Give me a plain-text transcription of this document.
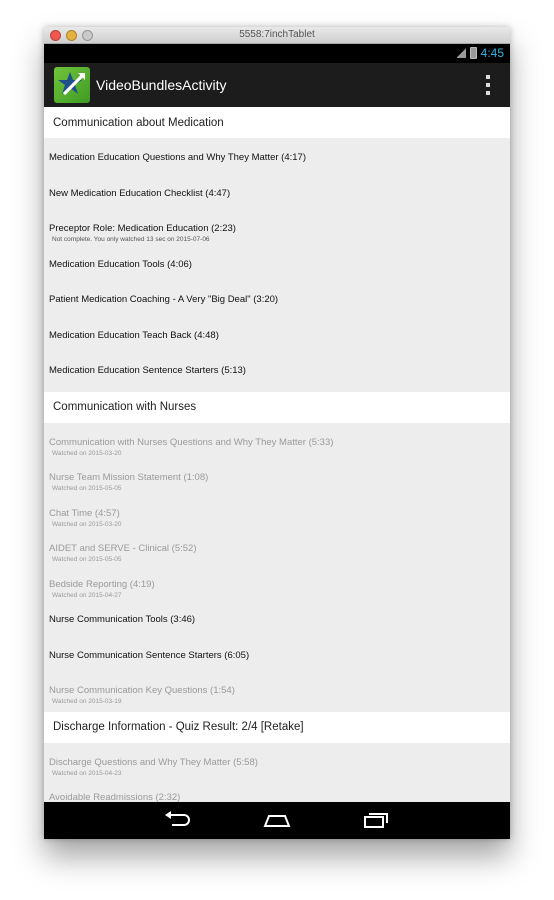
5558:7inchTablet
4:45
VideoBundlesActivity
Communication about Medication
Medication Education Questions and Why They Matter (4:17)
New Medication Education Checklist (4:47)
Preceptor Role: Medication Education (2:23)
Not complete. You only watched 13 sec on 2015-07-06
Medication Education Tools (4:06)
Patient Medication Coaching - A Very "Big Deal" (3:20)
Medication Education Teach Back (4:48)
Medication Education Sentence Starters (5:13)
Communication with Nurses
Communication with Nurses Questions and Why They Matter (5:33)
Watched on 2015-03-20
Nurse Team Mission Statement (1:08)
Watched on 2015-05-05
Chat Time (4:57)
Watched on 2015-03-20
AIDET and SERVE - Clinical (5:52)
Watched on 2015-05-05
Bedside Reporting (4:19)
Watched on 2015-04-27
Nurse Communication Tools (3:46)
Nurse Communication Sentence Starters (6:05)
Nurse Communication Key Questions (1:54)
Watched on 2015-03-19
Discharge Information - Quiz Result: 2/4 [Retake]
Discharge Questions and Why They Matter (5:58)
Watched on 2015-04-23
Avoidable Readmissions (2:32)
